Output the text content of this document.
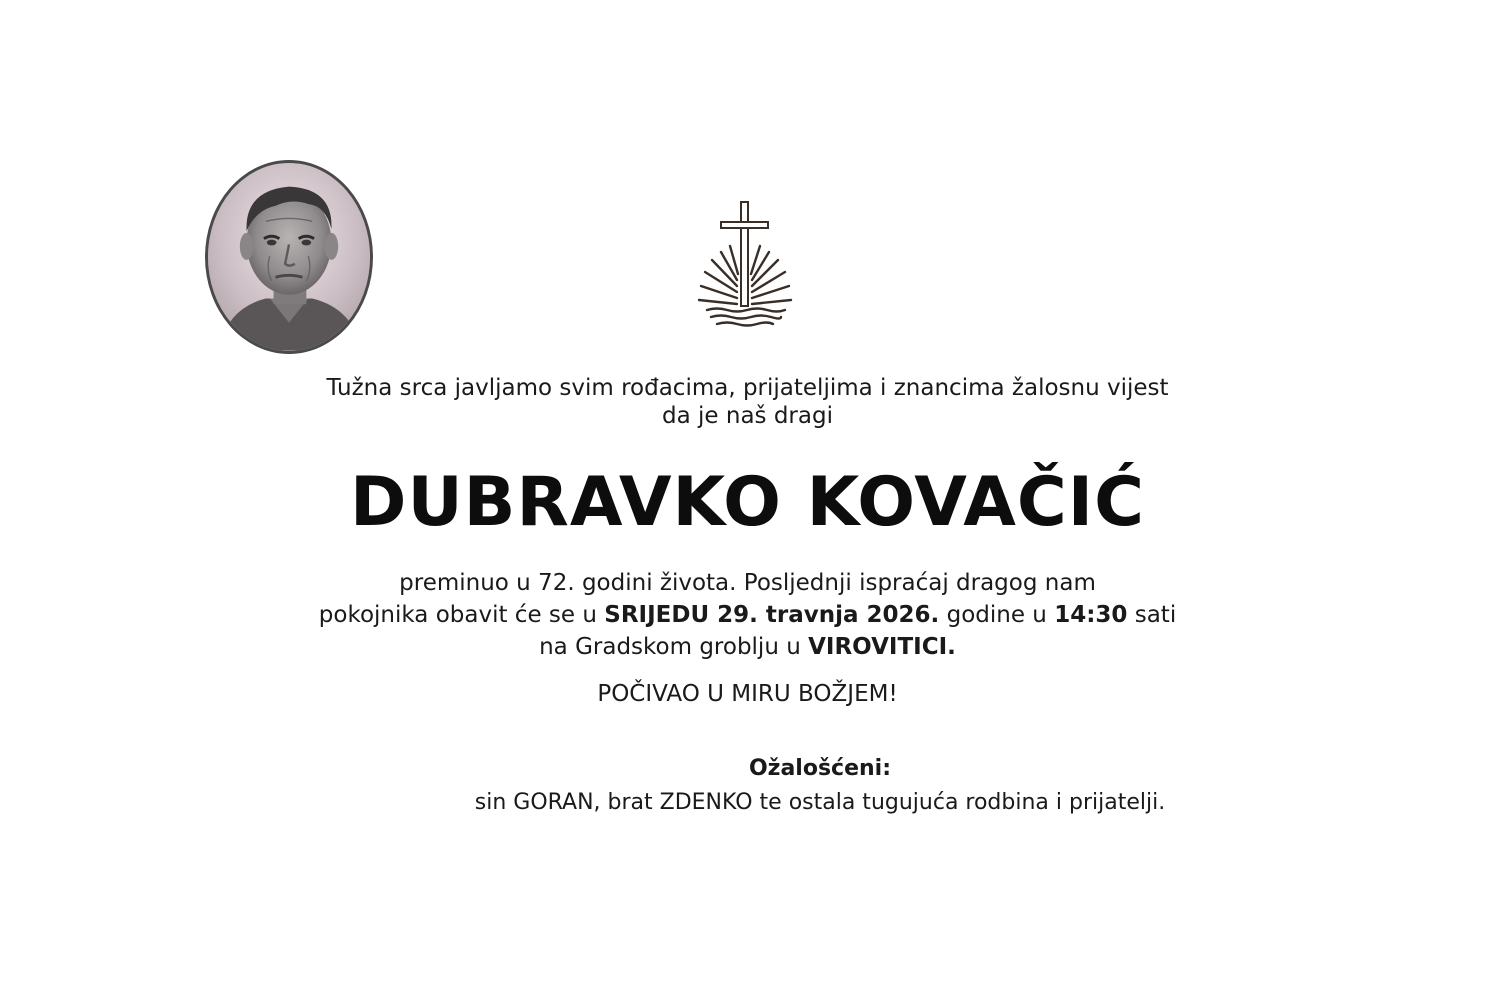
Tužna srca javljamo svim rođacima, prijateljima i znancima žalosnu vijest
da je naš dragi
DUBRAVKO KOVAČIĆ
preminuo u 72. godini života. Posljednji ispraćaj dragog nam
pokojnika obavit će se u SRIJEDU 29. travnja 2026. godine u 14:30 sati
na Gradskom groblju u VIROVITICI.
POČIVAO U MIRU BOŽJEM!
Ožalošćeni:
sin GORAN, brat ZDENKO te ostala tugujuća rodbina i prijatelji.
